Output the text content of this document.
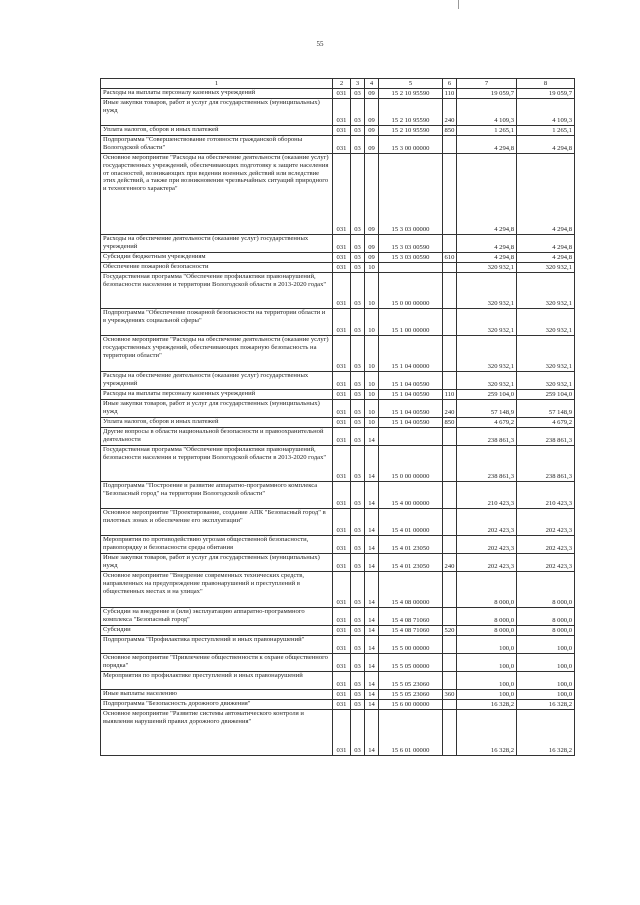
55
1	2	3	4	5	6	7	8
Расходы на выплаты персоналу казенных учреждений	031	03	09	15 2 10 95590	110	19 059,7	19 059,7
Иные закупки товаров, работ и услуг для государственных (муниципальных) нужд	031	03	09	15 2 10 95590	240	4 109,3	4 109,3
Уплата налогов, сборов и иных платежей	031	03	09	15 2 10 95590	850	1 265,1	1 265,1
Подпрограмма "Совершенствование готовности гражданской обороны Вологодской области"	031	03	09	15 3 00 00000		4 294,8	4 294,8
Основное мероприятие "Расходы на обеспечение деятельности (оказание услуг) государственных учреждений, обеспечивающих подготовку к защите населения от опасностей, возникающих при ведении военных действий или вследствие этих действий, а также при возникновении чрезвычайных ситуаций природного и техногенного характера"	031	03	09	15 3 03 00000		4 294,8	4 294,8
Расходы на обеспечение деятельности (оказание услуг) государственных учреждений	031	03	09	15 3 03 00590		4 294,8	4 294,8
Субсидии бюджетным учреждениям	031	03	09	15 3 03 00590	610	4 294,8	4 294,8
Обеспечение пожарной безопасности	031	03	10			320 932,1	320 932,1
Государственная программа "Обеспечение профилактики правонарушений, безопасности населения и территории Вологодской области в 2013-2020 годах"	031	03	10	15 0 00 00000		320 932,1	320 932,1
Подпрограмма "Обеспечение пожарной безопасности на территории области и в учреждениях социальной сферы"	031	03	10	15 1 00 00000		320 932,1	320 932,1
Основное мероприятие "Расходы на обеспечение деятельности (оказание услуг) государственных учреждений, обеспечивающих пожарную безопасность на территории области"	031	03	10	15 1 04 00000		320 932,1	320 932,1
Расходы на обеспечение деятельности (оказание услуг) государственных учреждений	031	03	10	15 1 04 00590		320 932,1	320 932,1
Расходы на выплаты персоналу казенных учреждений	031	03	10	15 1 04 00590	110	259 104,0	259 104,0
Иные закупки товаров, работ и услуг для государственных (муниципальных) нужд	031	03	10	15 1 04 00590	240	57 148,9	57 148,9
Уплата налогов, сборов и иных платежей	031	03	10	15 1 04 00590	850	4 679,2	4 679,2
Другие вопросы в области национальной безопасности и правоохранительной деятельности	031	03	14			238 861,3	238 861,3
Государственная программа "Обеспечение профилактики правонарушений, безопасности населения и территории Вологодской области в 2013-2020 годах"	031	03	14	15 0 00 00000		238 861,3	238 861,3
Подпрограмма "Построение и развитие аппаратно-программного комплекса "Безопасный город" на территории Вологодской области"	031	03	14	15 4 00 00000		210 423,3	210 423,3
Основное мероприятие "Проектирование, создание АПК "Безопасный город" в пилотных зонах и обеспечение его эксплуатации"	031	03	14	15 4 01 00000		202 423,3	202 423,3
Мероприятия по противодействию угрозам общественной безопасности, правопорядку и безопасности среды обитания	031	03	14	15 4 01 23050		202 423,3	202 423,3
Иные закупки товаров, работ и услуг для государственных (муниципальных) нужд	031	03	14	15 4 01 23050	240	202 423,3	202 423,3
Основное мероприятие "Внедрение современных технических средств, направленных на предупреждение правонарушений и преступлений в общественных местах и на улицах"	031	03	14	15 4 08 00000		8 000,0	8 000,0
Субсидии на внедрение и (или) эксплуатацию аппаратно-программного комплекса "Безопасный город"	031	03	14	15 4 08 71060		8 000,0	8 000,0
Субсидии	031	03	14	15 4 08 71060	520	8 000,0	8 000,0
Подпрограмма "Профилактика преступлений и иных правонарушений"	031	03	14	15 5 00 00000		100,0	100,0
Основное мероприятие "Привлечение общественности к охране общественного порядка"	031	03	14	15 5 05 00000		100,0	100,0
Мероприятия по профилактике преступлений и иных правонарушений	031	03	14	15 5 05 23060		100,0	100,0
Иные выплаты населению	031	03	14	15 5 05 23060	360	100,0	100,0
Подпрограмма "Безопасность дорожного движения"	031	03	14	15 6 00 00000		16 328,2	16 328,2
Основное мероприятие "Развитие системы автоматического контроля и выявления нарушений правил дорожного движения"	031	03	14	15 6 01 00000		16 328,2	16 328,2
